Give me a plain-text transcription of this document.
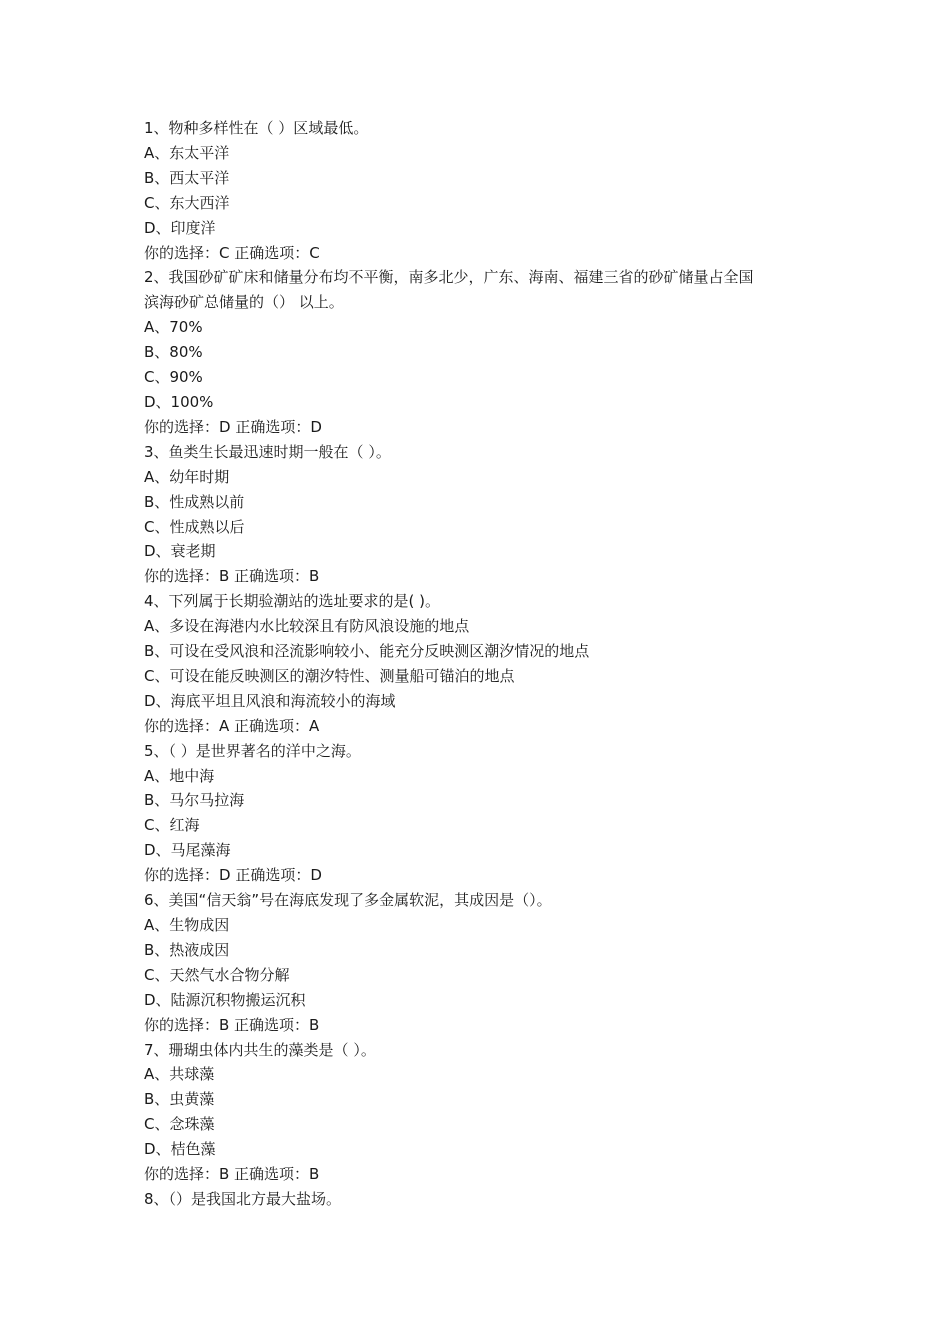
1、物种多样性在（ ）区域最低。

A、东太平洋

B、西太平洋

C、东大西洋

D、印度洋

你的选择：C 正确选项：C

2、我国砂矿矿床和储量分布均不平衡，南多北少，广东、海南、福建三省的砂矿储量占全国
滨海砂矿总储量的（） 以上。

A、70%

B、80%

C、90%

D、100%

你的选择：D 正确选项：D

3、鱼类生长最迅速时期一般在（ ）。

A、幼年时期

B、性成熟以前

C、性成熟以后

D、衰老期

你的选择：B 正确选项：B

4、下列属于长期验潮站的选址要求的是( )。

A、多设在海港内水比较深且有防风浪设施的地点

B、可设在受风浪和泾流影响较小、能充分反映测区潮汐情况的地点

C、可设在能反映测区的潮汐特性、测量船可锚泊的地点

D、海底平坦且风浪和海流较小的海域

你的选择：A 正确选项：A

5、（ ）是世界著名的洋中之海。

A、地中海

B、马尔马拉海

C、红海

D、马尾藻海

你的选择：D 正确选项：D

6、美国“信天翁”号在海底发现了多金属软泥，其成因是（）。

A、生物成因

B、热液成因

C、天然气水合物分解

D、陆源沉积物搬运沉积

你的选择：B 正确选项：B

7、珊瑚虫体内共生的藻类是（ ）。

A、共球藻

B、虫黄藻

C、念珠藻

D、桔色藻

你的选择：B 正确选项：B

8、（）是我国北方最大盐场。
